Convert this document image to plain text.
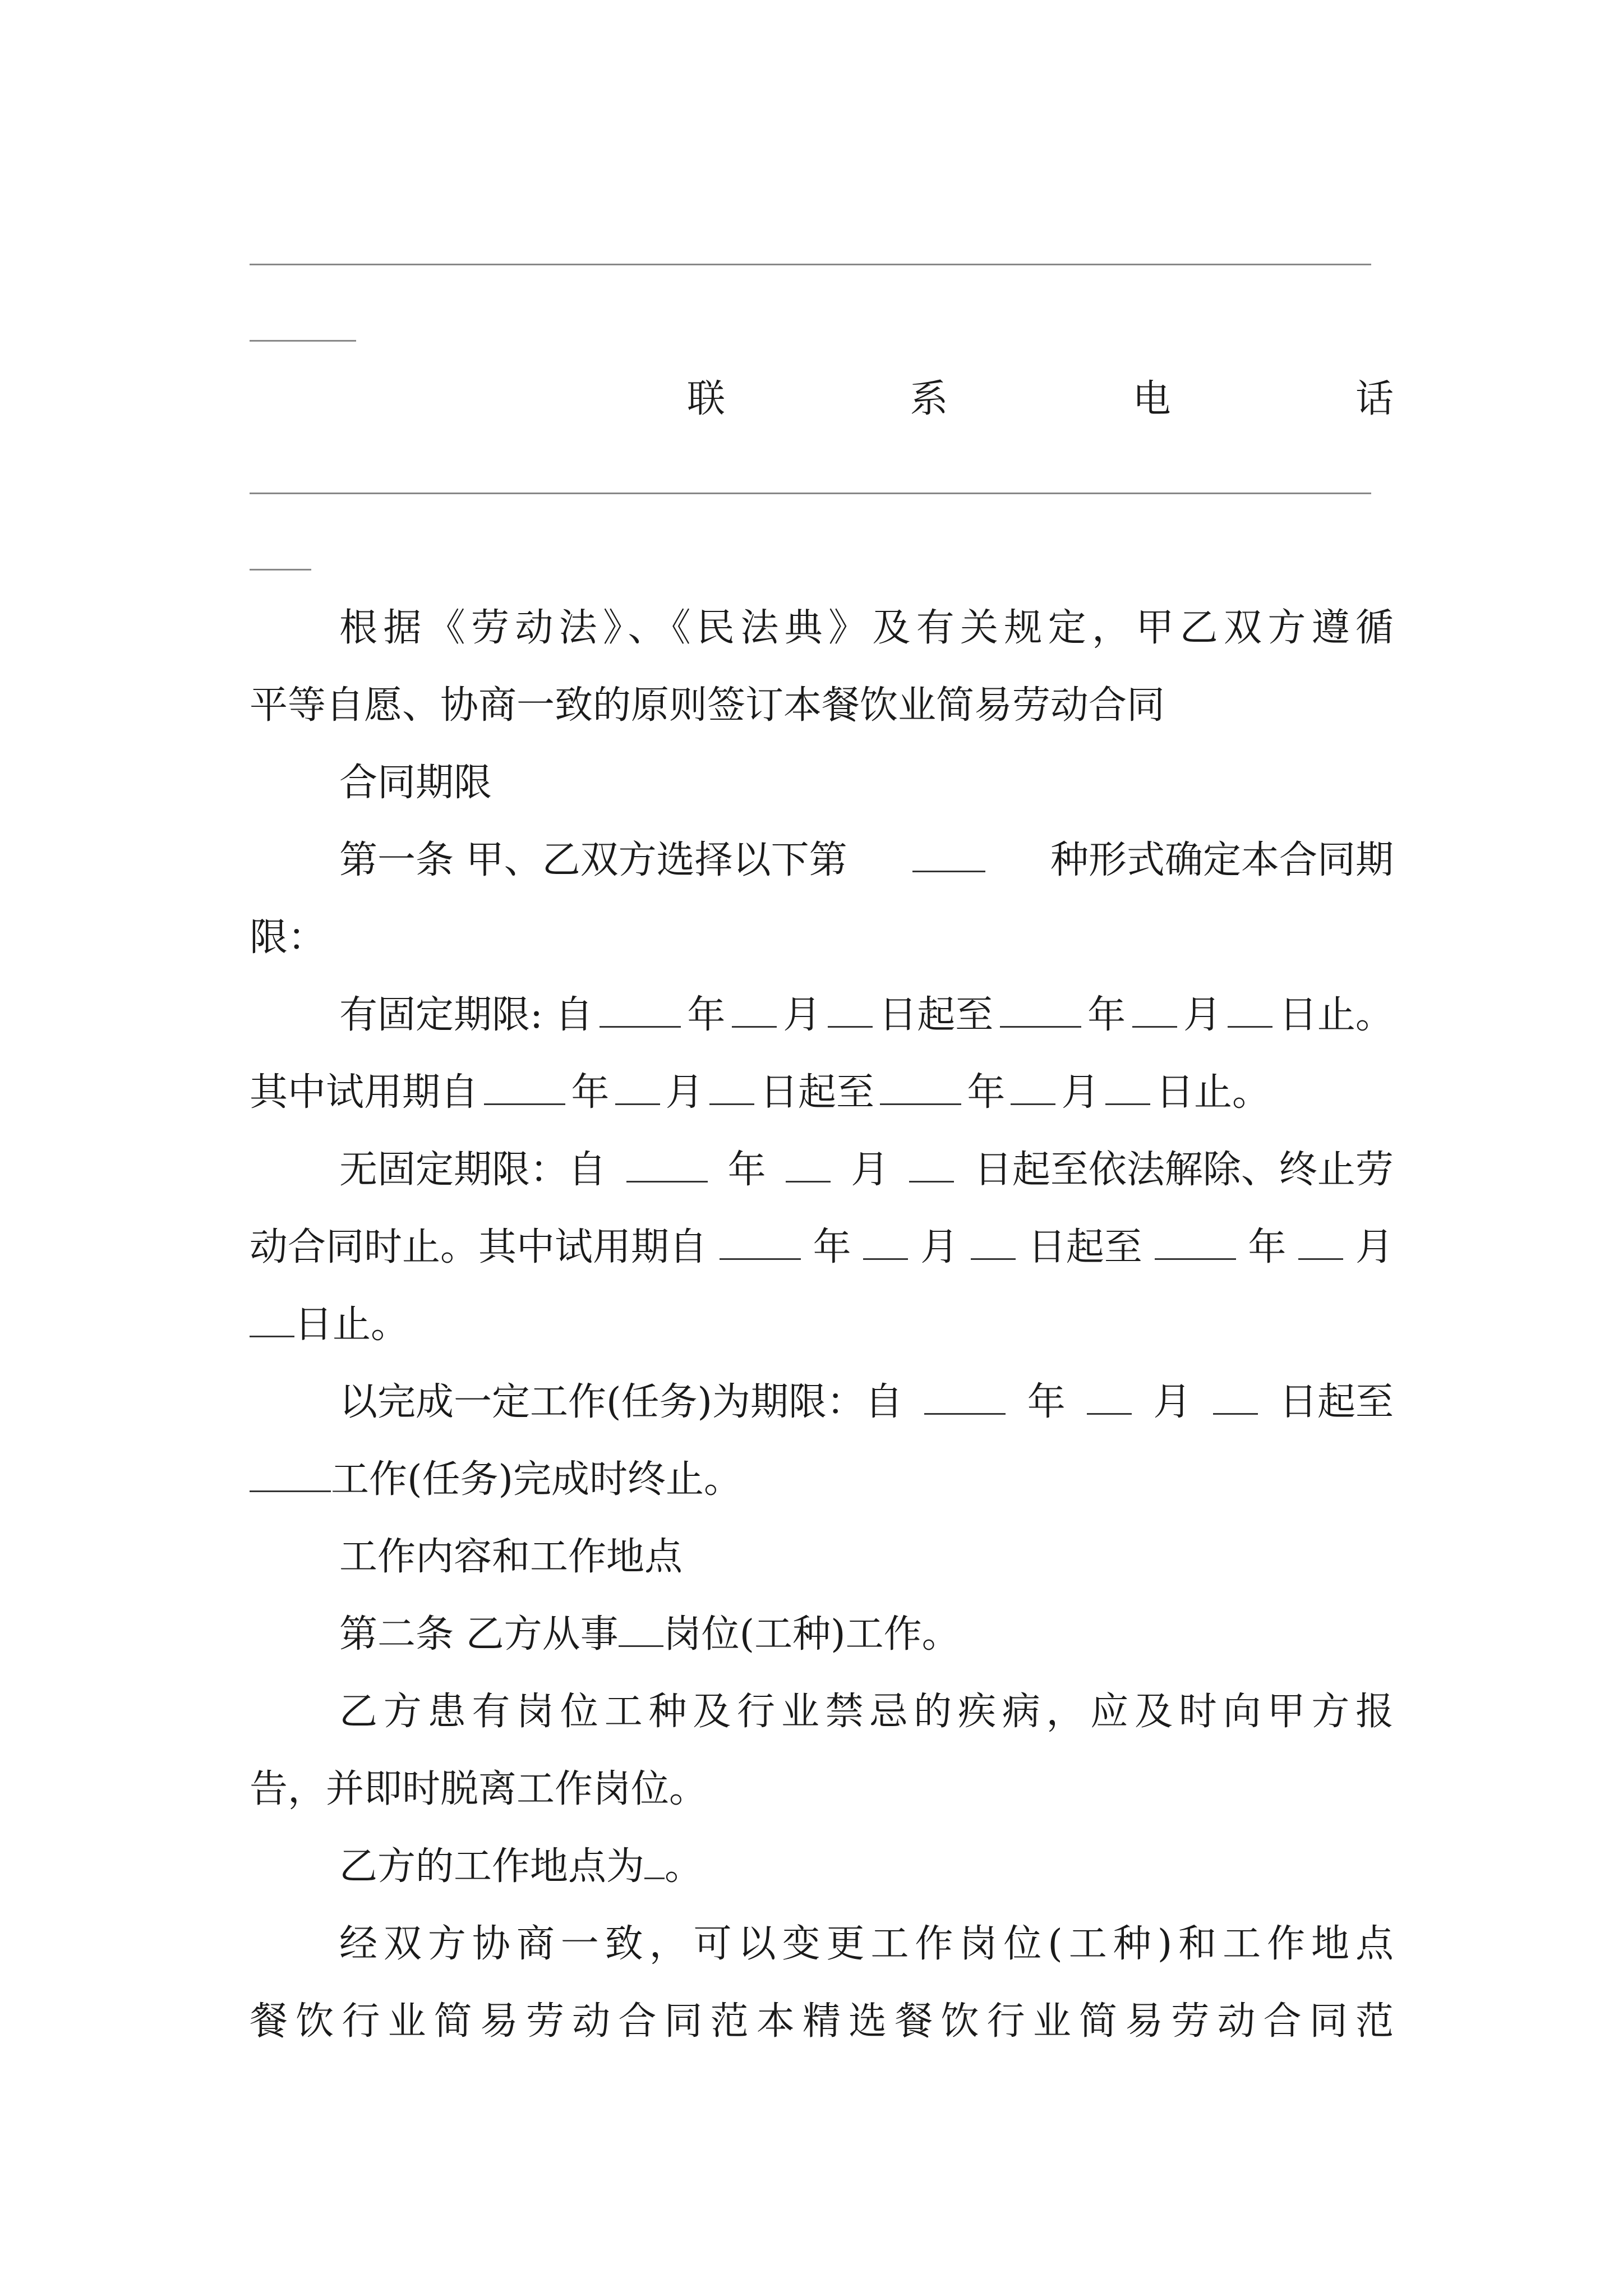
联	系	电	话
根据《劳动法》、《民法典》及有关规定，甲乙双方遵循
平等自愿、协商一致的原则签订本餐饮业简易劳动合同
合同期限
第一条 甲、乙双方选择以下第	种形式确定本合同期
限：
有固定期限: 自 年 月 日起至 年 月 日止。
其中试用期自 年 月 日起至 年 月 日止。
无固定期限：自	年 月 日起至依法解除、终止劳
动合同时止。其中试用期自	年 月 日起至	年 月
日止。
以完成一定工作(任务)为期限：自	年 月 日起至
工作(任务)完成时终止。
工作内容和工作地点
第二条 乙方从事 岗位(工种)工作。
乙方患有岗位工种及行业禁忌的疾病，应及时向甲方报
告，并即时脱离工作岗位。
乙方的工作地点为 。
经双方协商一致，可以变更工作岗位(工种)和工作地点
餐饮行业简易劳动合同范本精选餐饮行业简易劳动合同范
